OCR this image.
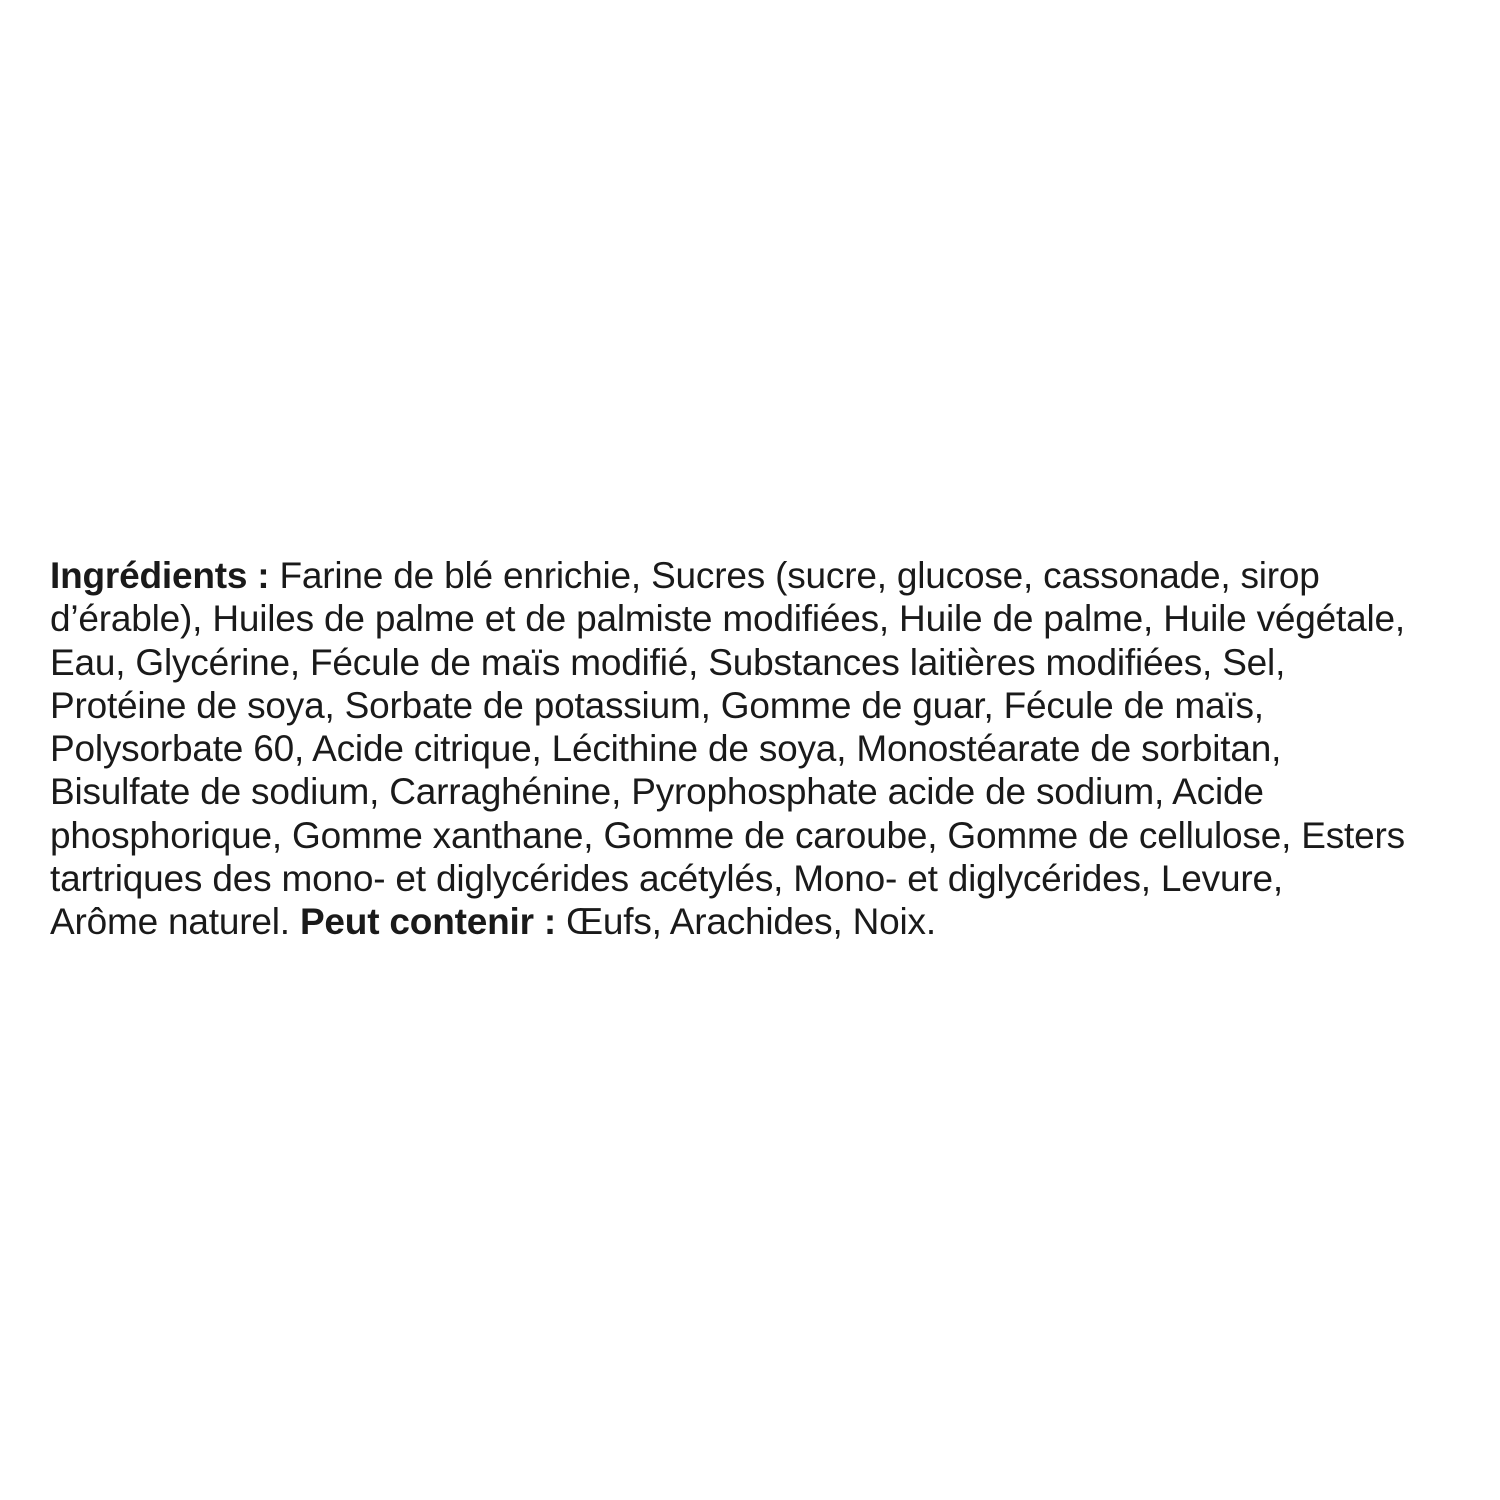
Ingrédients : Farine de blé enrichie, Sucres (sucre, glucose, cassonade, sirop
d’érable), Huiles de palme et de palmiste modifiées, Huile de palme, Huile végétale,
Eau, Glycérine, Fécule de maïs modifié, Substances laitières modifiées, Sel,
Protéine de soya, Sorbate de potassium, Gomme de guar, Fécule de maïs,
Polysorbate 60, Acide citrique, Lécithine de soya, Monostéarate de sorbitan,
Bisulfate de sodium, Carraghénine, Pyrophosphate acide de sodium, Acide
phosphorique, Gomme xanthane, Gomme de caroube, Gomme de cellulose, Esters
tartriques des mono- et diglycérides acétylés, Mono- et diglycérides, Levure,
Arôme naturel. Peut contenir : Œufs, Arachides, Noix.
